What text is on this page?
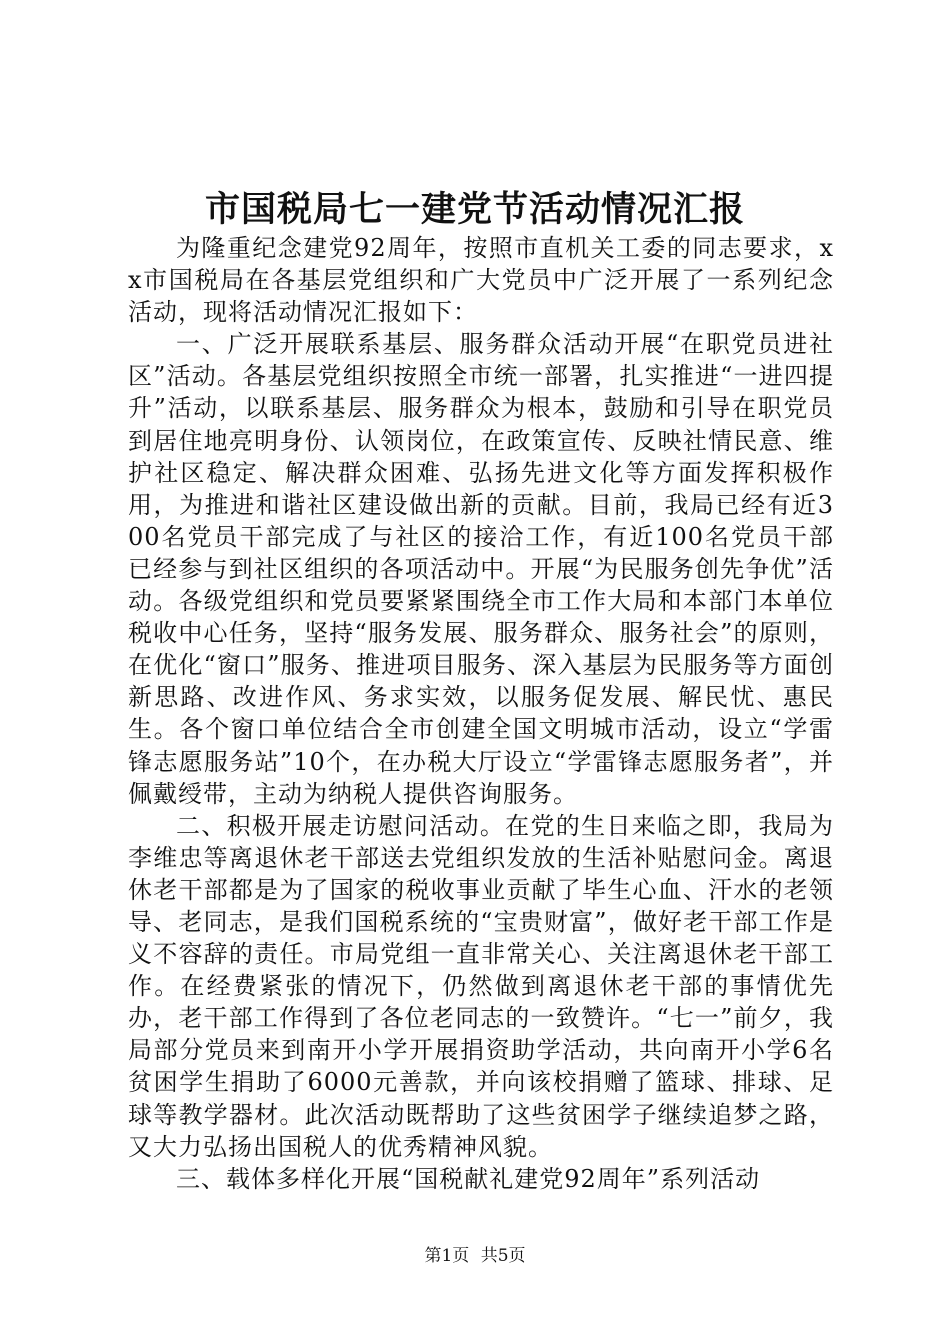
市国税局七一建党节活动情况汇报

为隆重纪念建党92周年，按照市直机关工委的同志要求，xx市国税局在各基层党组织和广大党员中广泛开展了一系列纪念活动，现将活动情况汇报如下：

一、广泛开展联系基层、服务群众活动开展“在职党员进社区”活动。各基层党组织按照全市统一部署，扎实推进“一进四提升”活动，以联系基层、服务群众为根本，鼓励和引导在职党员到居住地亮明身份、认领岗位，在政策宣传、反映社情民意、维护社区稳定、解决群众困难、弘扬先进文化等方面发挥积极作用，为推进和谐社区建设做出新的贡献。目前，我局已经有近300名党员干部完成了与社区的接洽工作，有近100名党员干部已经参与到社区组织的各项活动中。开展“为民服务创先争优”活动。各级党组织和党员要紧紧围绕全市工作大局和本部门本单位税收中心任务，坚持“服务发展、服务群众、服务社会”的原则，在优化“窗口”服务、推进项目服务、深入基层为民服务等方面创新思路、改进作风、务求实效，以服务促发展、解民忧、惠民生。各个窗口单位结合全市创建全国文明城市活动，设立“学雷锋志愿服务站”10个，在办税大厅设立“学雷锋志愿服务者”，并佩戴绶带，主动为纳税人提供咨询服务。

二、积极开展走访慰问活动。在党的生日来临之即，我局为李维忠等离退休老干部送去党组织发放的生活补贴慰问金。离退休老干部都是为了国家的税收事业贡献了毕生心血、汗水的老领导、老同志，是我们国税系统的“宝贵财富”，做好老干部工作是义不容辞的责任。市局党组一直非常关心、关注离退休老干部工作。在经费紧张的情况下，仍然做到离退休老干部的事情优先办，老干部工作得到了各位老同志的一致赞许。“七一”前夕，我局部分党员来到南开小学开展捐资助学活动，共向南开小学6名贫困学生捐助了6000元善款，并向该校捐赠了篮球、排球、足球等教学器材。此次活动既帮助了这些贫困学子继续追梦之路，又大力弘扬出国税人的优秀精神风貌。

三、载体多样化开展“国税献礼建党92周年”系列活动

第1页 共5页
